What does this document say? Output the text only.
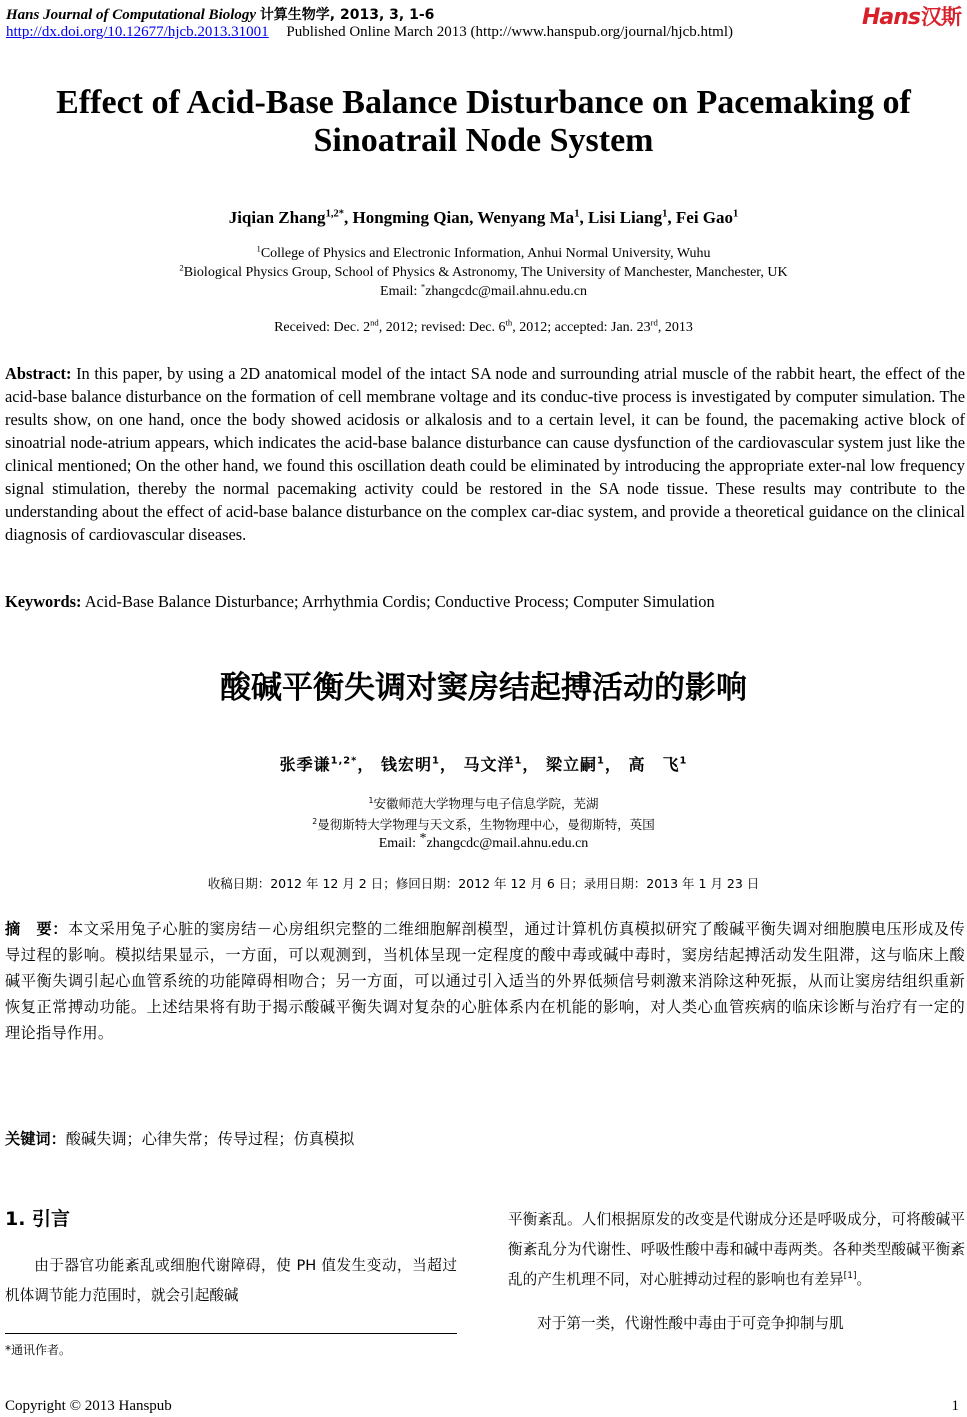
Hans Journal of Computational Biology 计算生物学, 2013, 3, 1-6
http://dx.doi.org/10.12677/hjcb.2013.31001 Published Online March 2013 (http://www.hanspub.org/journal/hjcb.html)
Hans汉斯
Effect of Acid-Base Balance Disturbance on Pacemaking of
Sinoatrail Node System
Jiqian Zhang$^{1,2*}$, Hongming Qian, Wenyang Ma$^1$, Lisi Liang$^1$, Fei Gao$^1$
$^1$College of Physics and Electronic Information, Anhui Normal University, Wuhu
$^2$Biological Physics Group, School of Physics & Astronomy, The University of Manchester, Manchester, UK
Email: *zhangcdc@mail.ahnu.edu.cn
Received: Dec. 2nd, 2012; revised: Dec. 6th, 2012; accepted: Jan. 23rd, 2013
Abstract: In this paper, by using a 2D anatomical model of the intact SA node and surrounding atrial muscle of the rabbit heart, the effect of the acid-base balance disturbance on the formation of cell membrane voltage and its conduc-tive process is investigated by computer simulation. The results show, on one hand, once the body showed acidosis or alkalosis and to a certain level, it can be found, the pacemaking active block of sinoatrial node-atrium appears, which indicates the acid-base balance disturbance can cause dysfunction of the cardiovascular system just like the clinical mentioned; On the other hand, we found this oscillation death could be eliminated by introducing the appropriate exter-nal low frequency signal stimulation, thereby the normal pacemaking activity could be restored in the SA node tissue. These results may contribute to the understanding about the effect of acid-base balance disturbance on the complex car-diac system, and provide a theoretical guidance on the clinical diagnosis of cardiovascular diseases.
Keywords: Acid-Base Balance Disturbance; Arrhythmia Cordis; Conductive Process; Computer Simulation
酸碱平衡失调对窦房结起搏活动的影响
张季谦$^{1,2*}$， 钱宏明$^1$， 马文洋$^1$， 梁立嗣$^1$， 高　飞$^1$
$^1$安徽师范大学物理与电子信息学院，芜湖
$^2$曼彻斯特大学物理与天文系，生物物理中心，曼彻斯特，英国
Email: *zhangcdc@mail.ahnu.edu.cn
收稿日期：2012 年 12 月 2 日；修回日期：2012 年 12 月 6 日；录用日期：2013 年 1 月 23 日
摘　要：本文采用兔子心脏的窦房结－心房组织完整的二维细胞解剖模型，通过计算机仿真模拟研究了酸碱平衡失调对细胞膜电压形成及传导过程的影响。模拟结果显示，一方面，可以观测到，当机体呈现一定程度的酸中毒或碱中毒时，窦房结起搏活动发生阻滞，这与临床上酸碱平衡失调引起心血管系统的功能障碍相吻合；另一方面，可以通过引入适当的外界低频信号刺激来消除这种死振，从而让窦房结组织重新恢复正常搏动功能。上述结果将有助于揭示酸碱平衡失调对复杂的心脏体系内在机能的影响，对人类心血管疾病的临床诊断与治疗有一定的理论指导作用。
关键词：酸碱失调；心律失常；传导过程；仿真模拟
1. 引言
由于器官功能紊乱或细胞代谢障碍，使 PH 值发生变动，当超过机体调节能力范围时，就会引起酸碱
平衡紊乱。人们根据原发的改变是代谢成分还是呼吸成分，可将酸碱平衡紊乱分为代谢性、呼吸性酸中毒和碱中毒两类。各种类型酸碱平衡紊乱的产生机理不同，对心脏搏动过程的影响也有差异[1]。
对于第一类，代谢性酸中毒由于可竞争抑制与肌
*通讯作者。
Copyright © 2013 Hanspub	1
